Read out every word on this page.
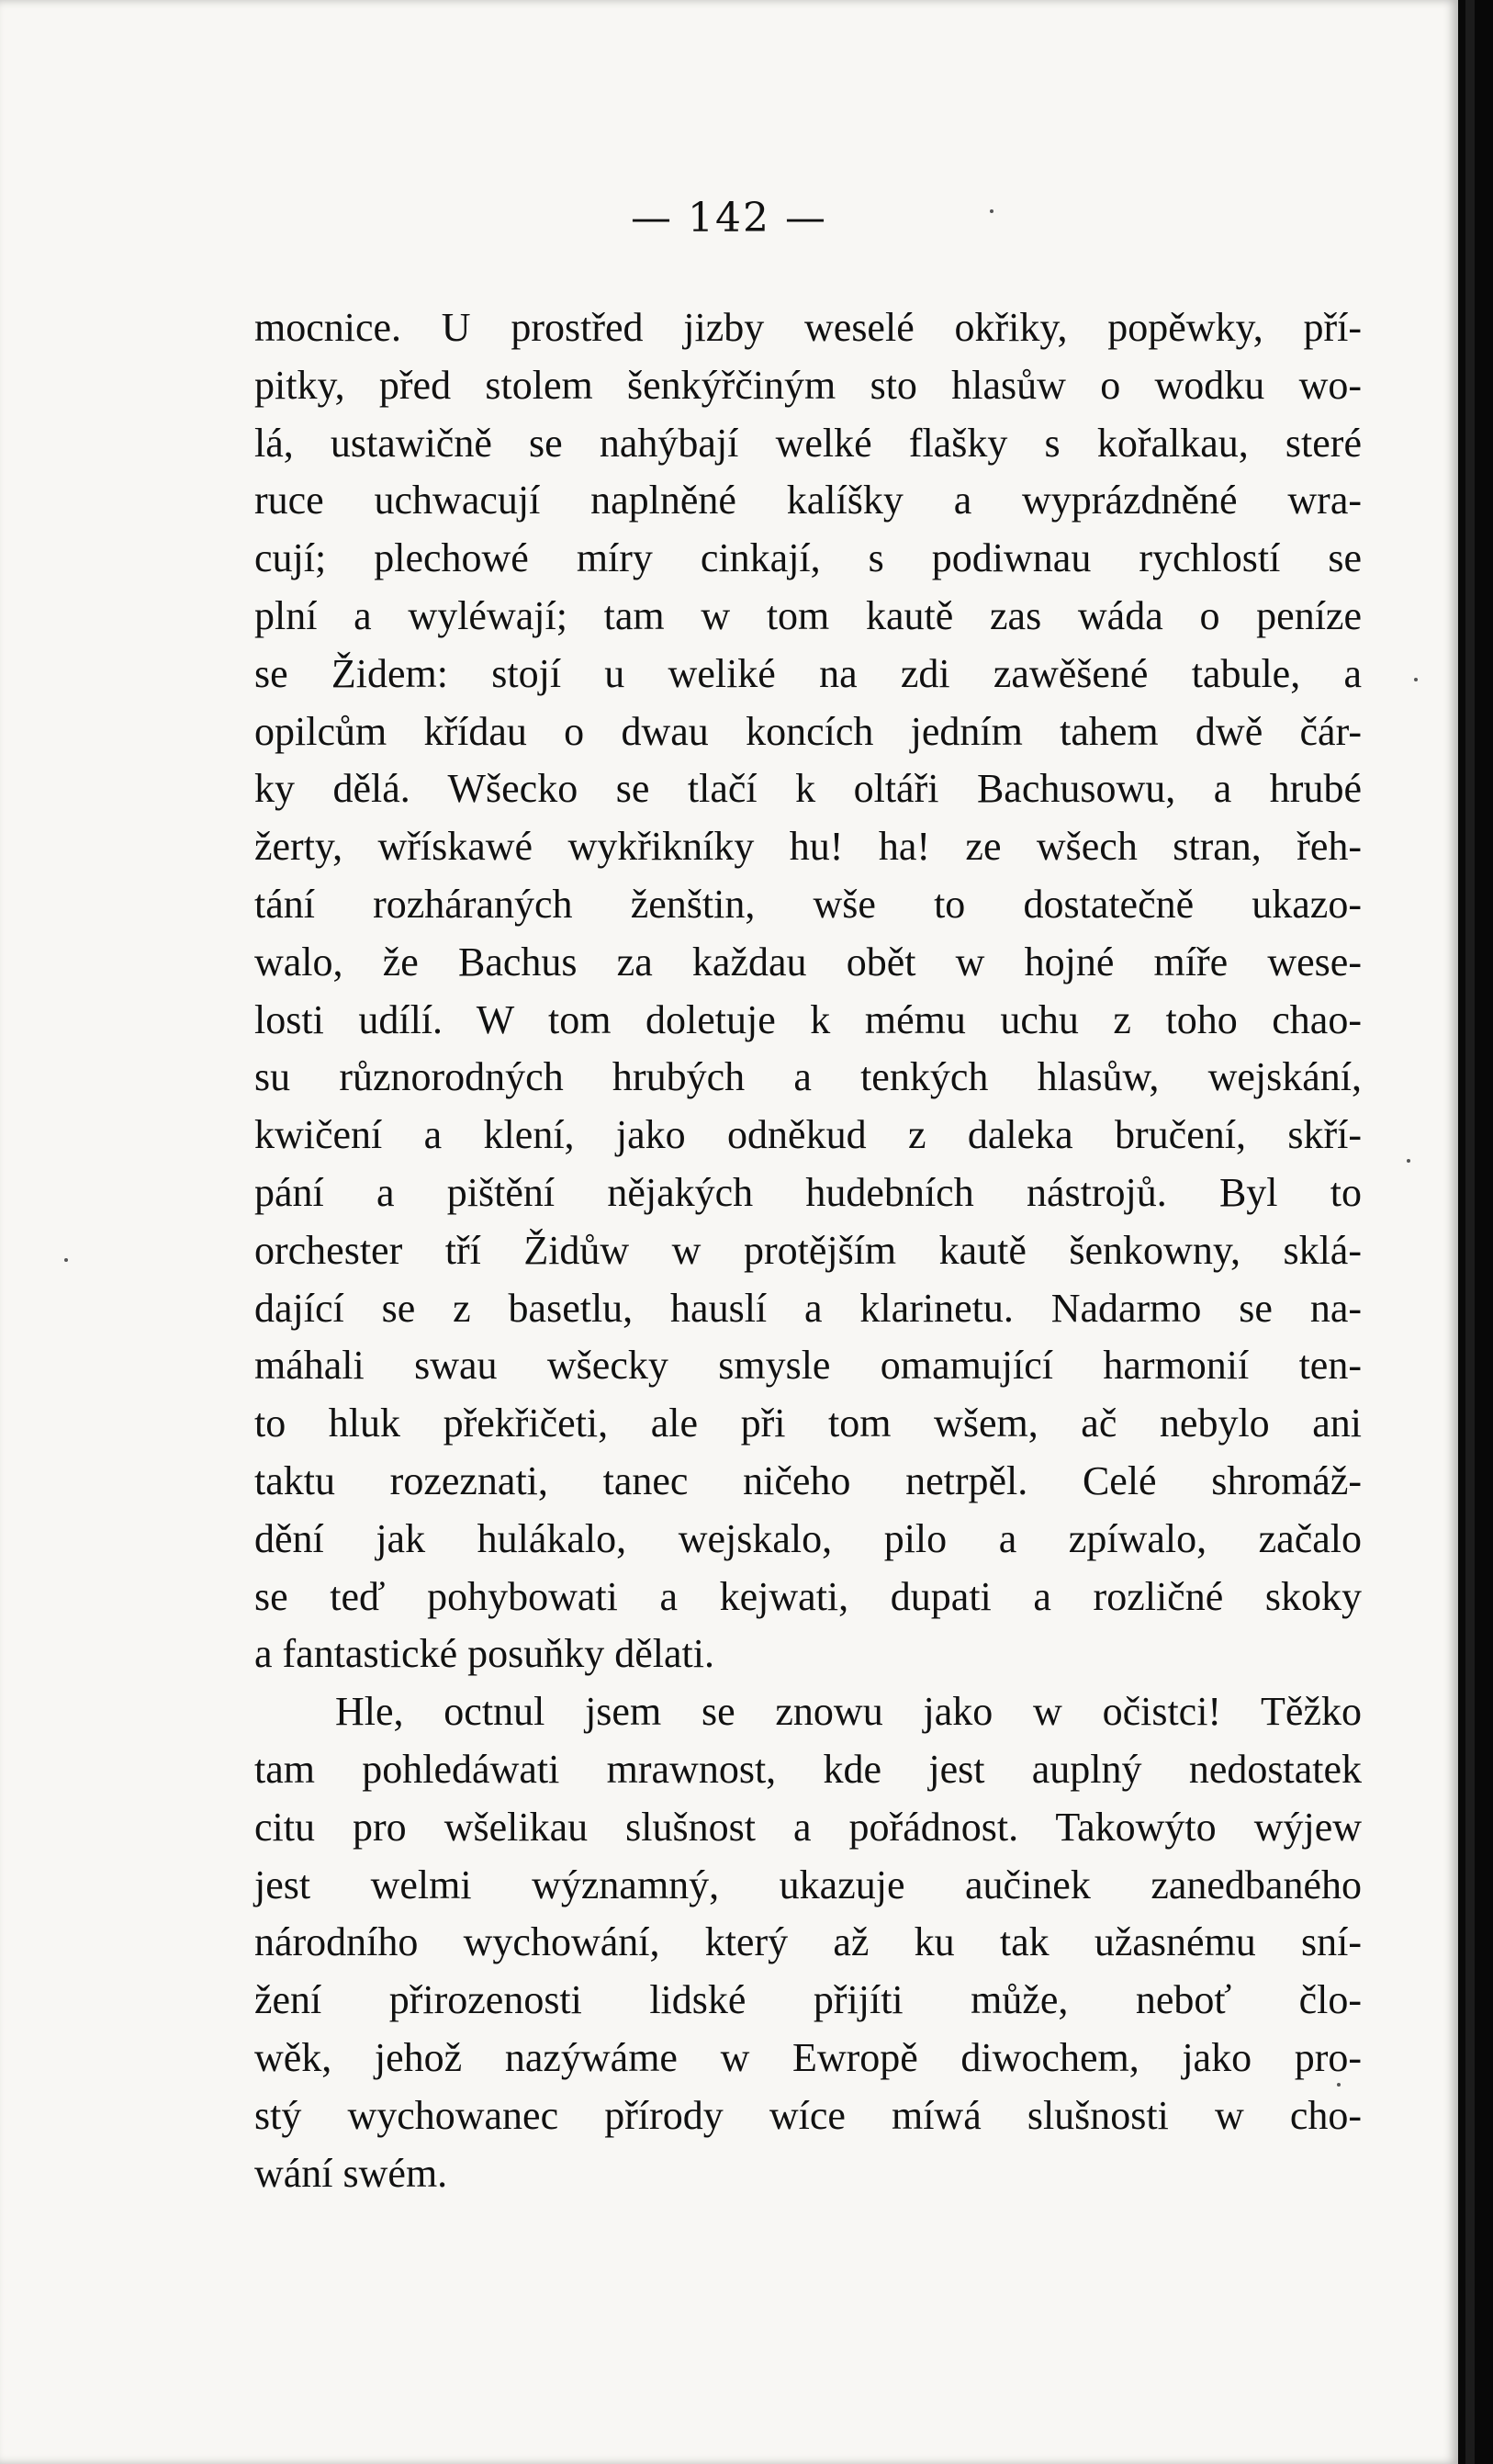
— 142 —
mocnice. U prostřed jizby weselé okřiky, popěwky, pří-
pitky, před stolem šenkýřčiným sto hlasůw o wodku wo-
lá, ustawičně se nahýbají welké flašky s kořalkau, steré
ruce uchwacují naplněné kalíšky a wyprázdněné wra-
cují; plechowé míry cinkají, s podiwnau rychlostí se
plní a wyléwají; tam w tom kautě zas wáda o peníze
se Židem: stojí u weliké na zdi zawěšené tabule, a
opilcům křídau o dwau koncích jedním tahem dwě čár-
ky dělá. Wšecko se tlačí k oltáři Bachusowu, a hrubé
žerty, wřískawé wykřikníky hu! ha! ze wšech stran, řeh-
tání rozháraných ženštin, wše to dostatečně ukazo-
walo, že Bachus za každau obět w hojné míře wese-
losti udílí. W tom doletuje k mému uchu z toho chao-
su různorodných hrubých a tenkých hlasůw, wejskání,
kwičení a klení, jako odněkud z daleka bručení, skří-
pání a pištění nějakých hudebních nástrojů. Byl to
orchester tří Židůw w protějším kautě šenkowny, sklá-
dající se z basetlu, hauslí a klarinetu. Nadarmo se na-
máhali swau wšecky smysle omamující harmonií ten-
to hluk překřičeti, ale při tom wšem, ač nebylo ani
taktu rozeznati, tanec ničeho netrpěl. Celé shromáž-
dění jak hulákalo, wejskalo, pilo a zpíwalo, začalo
se teď pohybowati a kejwati, dupati a rozličné skoky
a fantastické posuňky dělati.
Hle, octnul jsem se znowu jako w očistci! Těžko
tam pohledáwati mrawnost, kde jest auplný nedostatek
citu pro wšelikau slušnost a pořádnost. Takowýto wýjew
jest welmi wýznamný, ukazuje aučinek zanedbaného
národního wychowání, který až ku tak užasnému sní-
žení přirozenosti lidské přijíti může, neboť člo-
wěk, jehož nazýwáme w Ewropě diwochem, jako pro-
stý wychowanec přírody wíce míwá slušnosti w cho-
wání swém.
